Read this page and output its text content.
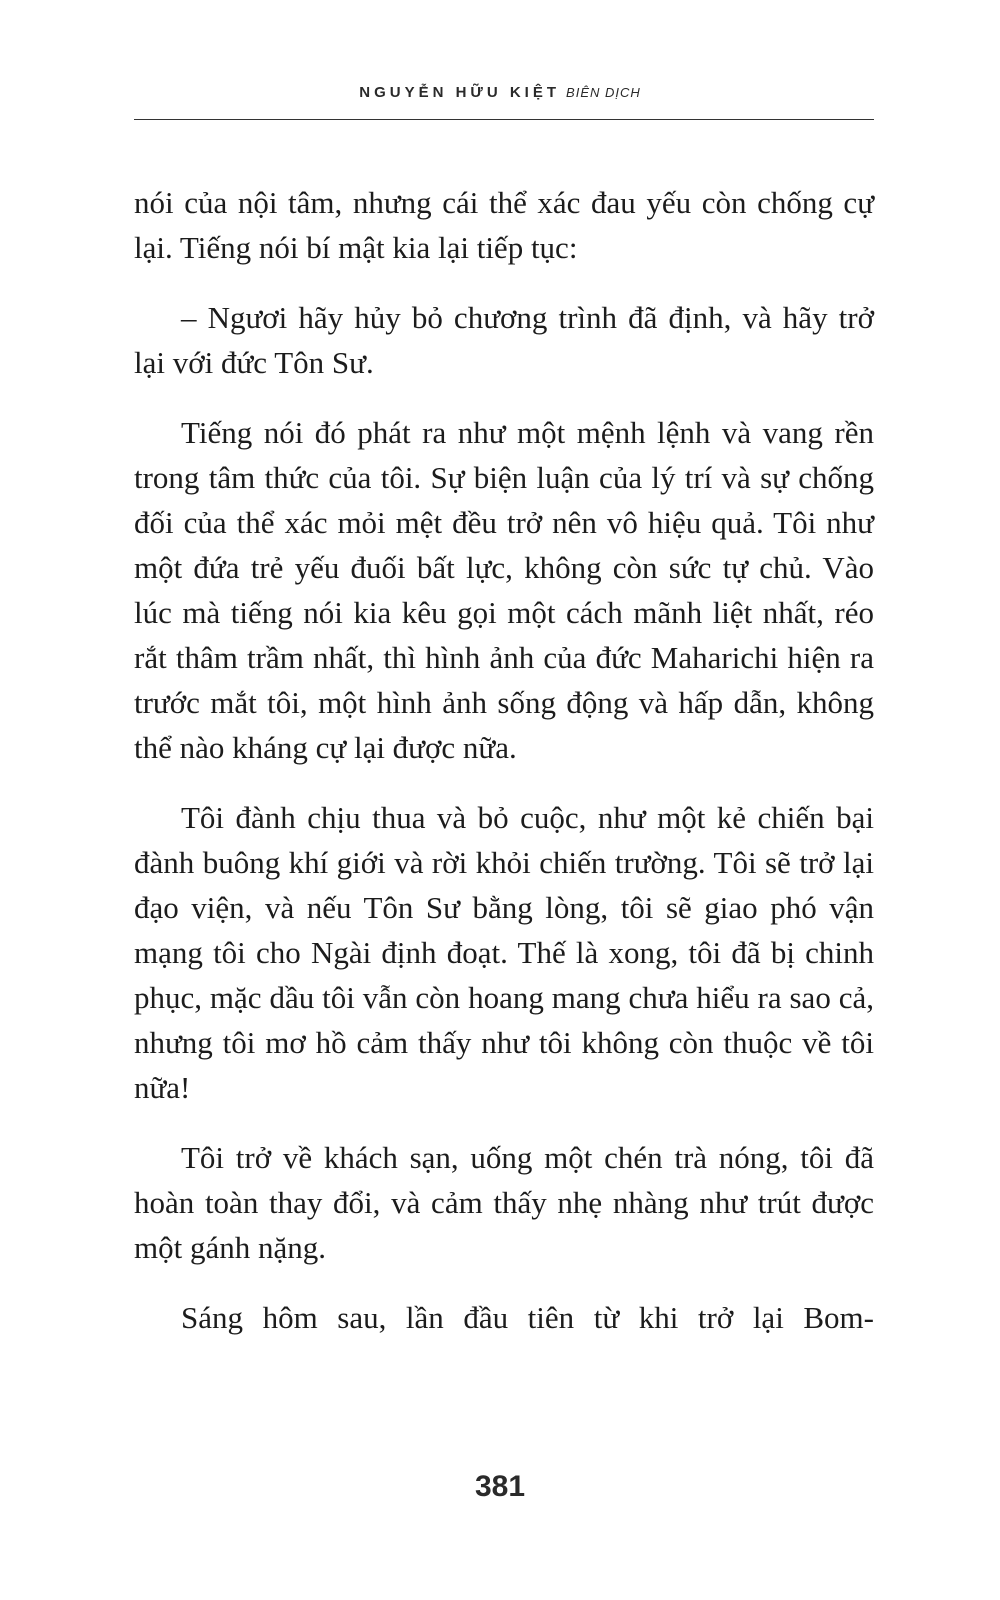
NGUYỄN HỮU KIỆT BIÊN DỊCH

nói của nội tâm, nhưng cái thể xác đau yếu còn chống cự lại. Tiếng nói bí mật kia lại tiếp tục:

– Ngươi hãy hủy bỏ chương trình đã định, và hãy trở lại với đức Tôn Sư.

Tiếng nói đó phát ra như một mệnh lệnh và vang rền trong tâm thức của tôi. Sự biện luận của lý trí và sự chống đối của thể xác mỏi mệt đều trở nên vô hiệu quả. Tôi như một đứa trẻ yếu đuối bất lực, không còn sức tự chủ. Vào lúc mà tiếng nói kia kêu gọi một cách mãnh liệt nhất, réo rắt thâm trầm nhất, thì hình ảnh của đức Maharichi hiện ra trước mắt tôi, một hình ảnh sống động và hấp dẫn, không thể nào kháng cự lại được nữa.

Tôi đành chịu thua và bỏ cuộc, như một kẻ chiến bại đành buông khí giới và rời khỏi chiến trường. Tôi sẽ trở lại đạo viện, và nếu Tôn Sư bằng lòng, tôi sẽ giao phó vận mạng tôi cho Ngài định đoạt. Thế là xong, tôi đã bị chinh phục, mặc dầu tôi vẫn còn hoang mang chưa hiểu ra sao cả, nhưng tôi mơ hồ cảm thấy như tôi không còn thuộc về tôi nữa!

Tôi trở về khách sạn, uống một chén trà nóng, tôi đã hoàn toàn thay đổi, và cảm thấy nhẹ nhàng như trút được một gánh nặng.

Sáng hôm sau, lần đầu tiên từ khi trở lại Bom-

381
